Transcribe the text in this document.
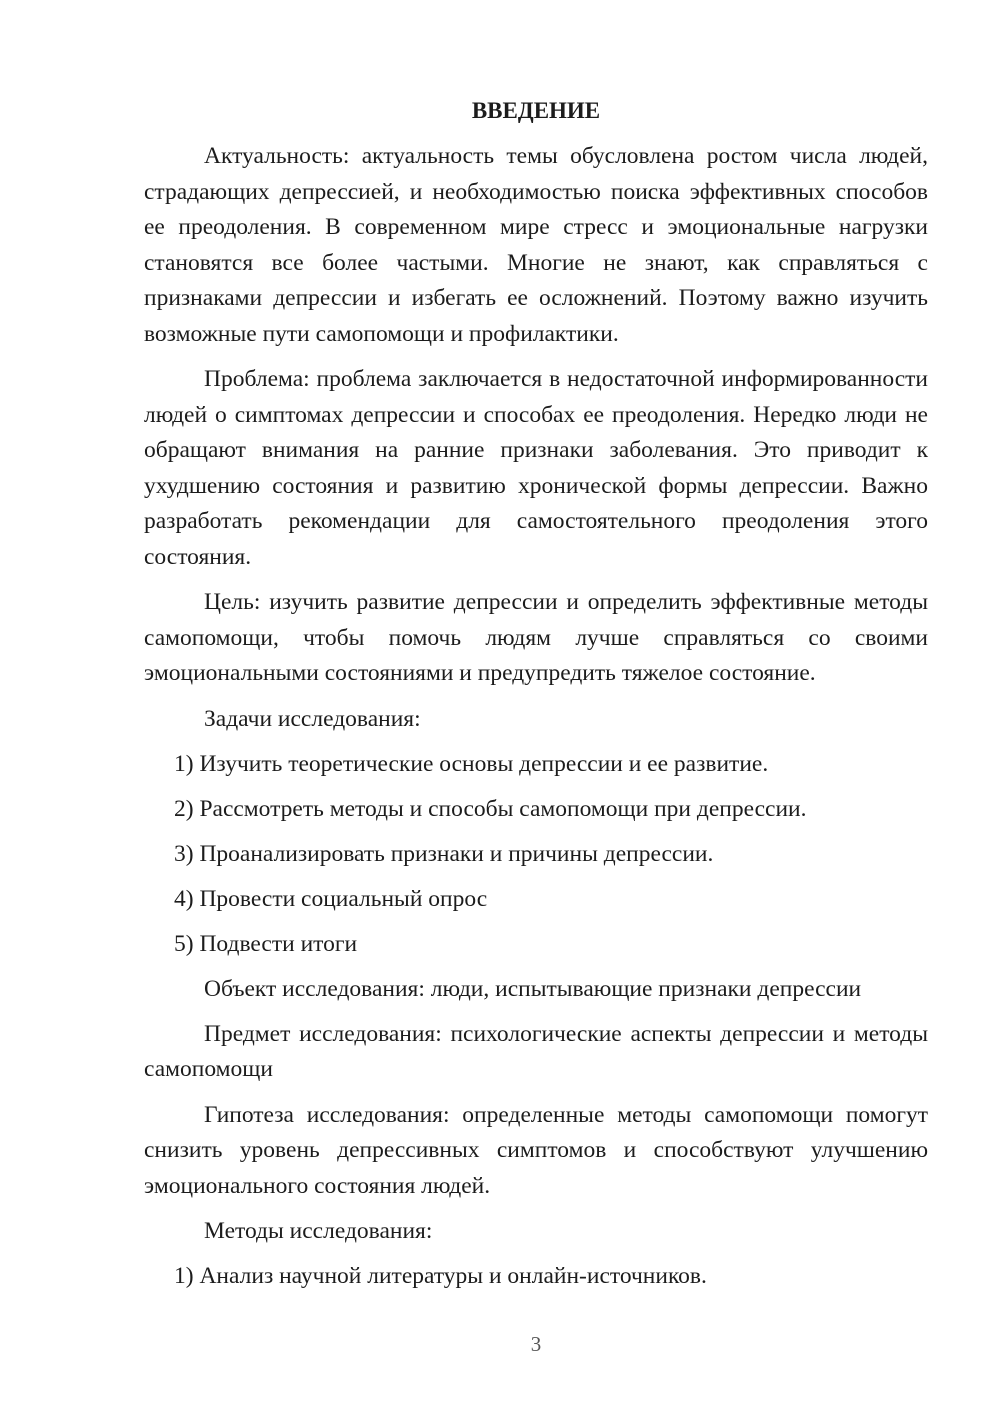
ВВЕДЕНИЕ

Актуальность: актуальность темы обусловлена ростом числа людей, страдающих депрессией, и необходимостью поиска эффективных способов ее преодоления. В современном мире стресс и эмоциональные нагрузки становятся все более частыми. Многие не знают, как справляться с признаками депрессии и избегать ее осложнений. Поэтому важно изучить возможные пути самопомощи и профилактики.

Проблема: проблема заключается в недостаточной информированности людей о симптомах депрессии и способах ее преодоления. Нередко люди не обращают внимания на ранние признаки заболевания. Это приводит к ухудшению состояния и развитию хронической формы депрессии. Важно разработать рекомендации для самостоятельного преодоления этого состояния.

Цель: изучить развитие депрессии и определить эффективные методы самопомощи, чтобы помочь людям лучше справляться со своими эмоциональными состояниями и предупредить тяжелое состояние.

Задачи исследования:
1) Изучить теоретические основы депрессии и ее развитие.
2) Рассмотреть методы и способы самопомощи при депрессии.
3) Проанализировать признаки и причины депрессии.
4) Провести социальный опрос
5) Подвести итоги
Объект исследования: люди, испытывающие признаки депрессии

Предмет исследования: психологические аспекты депрессии и методы самопомощи

Гипотеза исследования: определенные методы самопомощи помогут снизить уровень депрессивных симптомов и способствуют улучшению эмоционального состояния людей.

Методы исследования:
1) Анализ научной литературы и онлайн-источников.
3
